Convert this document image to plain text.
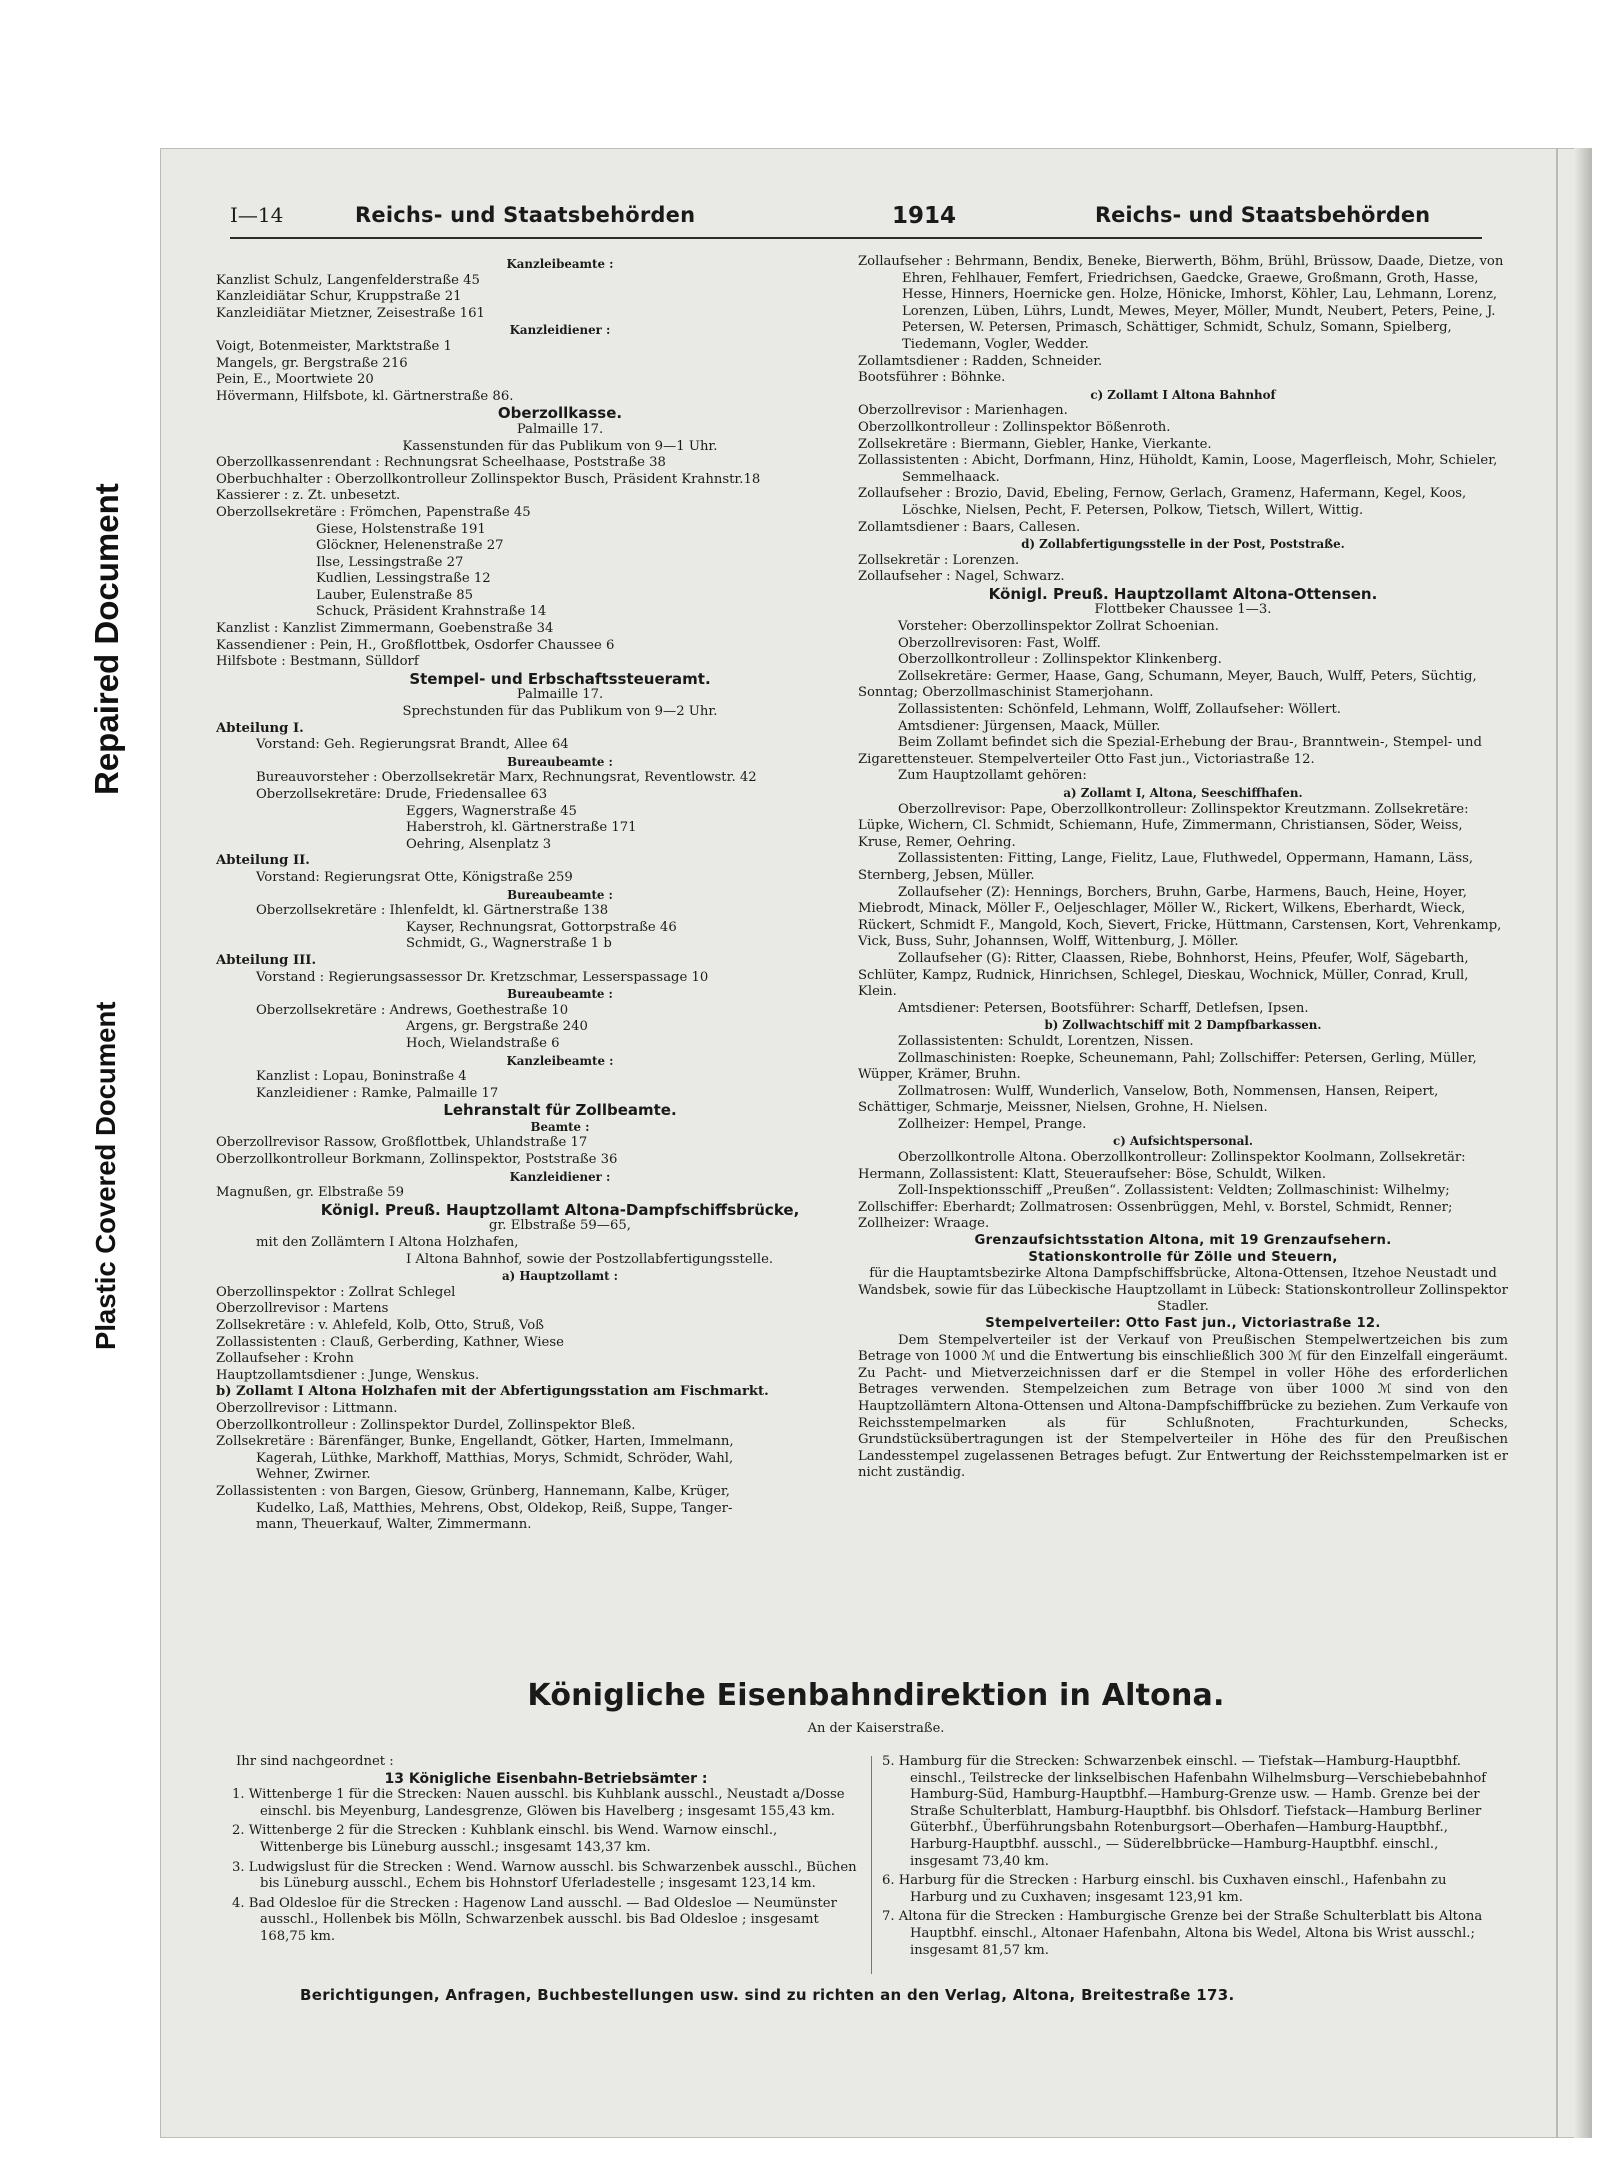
Repaired Document
Plastic Covered Document
I—14	Reichs- und Staatsbehörden	1914	Reichs- und Staatsbehörden
Kanzleibeamte :
Kanzlist Schulz, Langenfelderstraße 45
Kanzleidiätar Schur, Kruppstraße 21
Kanzleidiätar Mietzner, Zeisestraße 161
Kanzleidiener :
Voigt, Botenmeister, Marktstraße 1
Mangels, gr. Bergstraße 216
Pein, E., Moortwiete 20
Hövermann, Hilfsbote, kl. Gärtnerstraße 86.
Oberzollkasse.
Palmaille 17.
Kassenstunden für das Publikum von 9—1 Uhr.
Oberzollkassenrendant : Rechnungsrat Scheelhaase, Poststraße 38
Oberbuchhalter : Oberzollkontrolleur Zollinspektor Busch, Präsident Krahnstr.18
Kassierer : z. Zt. unbesetzt.
Oberzollsekretäre : Frömchen, Papenstraße 45
Giese, Holstenstraße 191
Glöckner, Helenenstraße 27
Ilse, Lessingstraße 27
Kudlien, Lessingstraße 12
Lauber, Eulenstraße 85
Schuck, Präsident Krahnstraße 14
Kanzlist : Kanzlist Zimmermann, Goebenstraße 34
Kassendiener : Pein, H., Großflottbek, Osdorfer Chaussee 6
Hilfsbote : Bestmann, Sülldorf
Stempel- und Erbschaftssteueramt.
Palmaille 17.
Sprechstunden für das Publikum von 9—2 Uhr.
Abteilung I.
Vorstand: Geh. Regierungsrat Brandt, Allee 64
Bureaubeamte :
Bureauvorsteher : Oberzollsekretär Marx, Rechnungsrat, Reventlowstr. 42
Oberzollsekretäre: Drude, Friedensallee 63
Eggers, Wagnerstraße 45
Haberstroh, kl. Gärtnerstraße 171
Oehring, Alsenplatz 3
Abteilung II.
Vorstand: Regierungsrat Otte, Königstraße 259
Bureaubeamte :
Oberzollsekretäre : Ihlenfeldt, kl. Gärtnerstraße 138
Kayser, Rechnungsrat, Gottorpstraße 46
Schmidt, G., Wagnerstraße 1 b
Abteilung III.
Vorstand : Regierungsassessor Dr. Kretzschmar, Lesserspassage 10
Bureaubeamte :
Oberzollsekretäre : Andrews, Goethestraße 10
Argens, gr. Bergstraße 240
Hoch, Wielandstraße 6
Kanzleibeamte :
Kanzlist : Lopau, Boninstraße 4
Kanzleidiener : Ramke, Palmaille 17
Lehranstalt für Zollbeamte.
Beamte :
Oberzollrevisor Rassow, Großflottbek, Uhlandstraße 17
Oberzollkontrolleur Borkmann, Zollinspektor, Poststraße 36
Kanzleidiener :
Magnußen, gr. Elbstraße 59
Königl. Preuß. Hauptzollamt Altona-Dampfschiffsbrücke,
gr. Elbstraße 59—65,
mit den Zollämtern I Altona Holzhafen,
I Altona Bahnhof, sowie der Postzollabfertigungsstelle.
a) Hauptzollamt :
Oberzollinspektor : Zollrat Schlegel
Oberzollrevisor : Martens
Zollsekretäre : v. Ahlefeld, Kolb, Otto, Struß, Voß
Zollassistenten : Clauß, Gerberding, Kathner, Wiese
Zollaufseher : Krohn
Hauptzollamtsdiener : Junge, Wenskus.
b) Zollamt I Altona Holzhafen mit der Abfertigungsstation am Fischmarkt.
Oberzollrevisor : Littmann.
Oberzollkontrolleur : Zollinspektor Durdel, Zollinspektor Bleß.
Zollsekretäre : Bärenfänger, Bunke, Engellandt, Götker, Harten, Immelmann,
Kagerah, Lüthke, Markhoff, Matthias, Morys, Schmidt, Schröder, Wahl,
Wehner, Zwirner.
Zollassistenten : von Bargen, Giesow, Grünberg, Hannemann, Kalbe, Krüger,
Kudelko, Laß, Matthies, Mehrens, Obst, Oldekop, Reiß, Suppe, Tanger-
mann, Theuerkauf, Walter, Zimmermann.
Zollaufseher : Behrmann, Bendix, Beneke, Bierwerth, Böhm, Brühl, Brüssow, Daade, Dietze, von Ehren, Fehlhauer, Femfert, Friedrichsen, Gaedcke, Graewe, Großmann, Groth, Hasse, Hesse, Hinners, Hoernicke gen. Holze, Hönicke, Imhorst, Köhler, Lau, Lehmann, Lorenz, Lorenzen, Lüben, Lührs, Lundt, Mewes, Meyer, Möller, Mundt, Neubert, Peters, Peine, J. Petersen, W. Petersen, Primasch, Schättiger, Schmidt, Schulz, Somann, Spielberg, Tiedemann, Vogler, Wedder.
Zollamtsdiener : Radden, Schneider.
Bootsführer : Böhnke.
c) Zollamt I Altona Bahnhof
Oberzollrevisor : Marienhagen.
Oberzollkontrolleur : Zollinspektor Bößenroth.
Zollsekretäre : Biermann, Giebler, Hanke, Vierkante.
Zollassistenten : Abicht, Dorfmann, Hinz, Hüholdt, Kamin, Loose, Magerfleisch, Mohr, Schieler, Semmelhaack.
Zollaufseher : Brozio, David, Ebeling, Fernow, Gerlach, Gramenz, Hafermann, Kegel, Koos, Löschke, Nielsen, Pecht, F. Petersen, Polkow, Tietsch, Willert, Wittig.
Zollamtsdiener : Baars, Callesen.
d) Zollabfertigungsstelle in der Post, Poststraße.
Zollsekretär : Lorenzen.
Zollaufseher : Nagel, Schwarz.
Königl. Preuß. Hauptzollamt Altona-Ottensen.
Flottbeker Chaussee 1—3.
Vorsteher: Oberzollinspektor Zollrat Schoenian.
Oberzollrevisoren: Fast, Wolff.
Oberzollkontrolleur : Zollinspektor Klinkenberg.
Zollsekretäre: Germer, Haase, Gang, Schumann, Meyer, Bauch, Wulff, Peters, Süchtig, Sonntag; Oberzollmaschinist Stamerjohann.
Zollassistenten: Schönfeld, Lehmann, Wolff, Zollaufseher: Wöllert.
Amtsdiener: Jürgensen, Maack, Müller.
Beim Zollamt befindet sich die Spezial-Erhebung der Brau-, Branntwein-, Stempel- und Zigarettensteuer. Stempelverteiler Otto Fast jun., Victoriastraße 12.
Zum Hauptzollamt gehören:
a) Zollamt I, Altona, Seeschiffhafen.
Oberzollrevisor: Pape, Oberzollkontrolleur: Zollinspektor Kreutzmann. Zollsekretäre: Lüpke, Wichern, Cl. Schmidt, Schiemann, Hufe, Zimmermann, Christiansen, Söder, Weiss, Kruse, Remer, Oehring.
Zollassistenten: Fitting, Lange, Fielitz, Laue, Fluthwedel, Oppermann, Hamann, Läss, Sternberg, Jebsen, Müller.
Zollaufseher (Z): Hennings, Borchers, Bruhn, Garbe, Harmens, Bauch, Heine, Hoyer, Miebrodt, Minack, Möller F., Oeljeschlager, Möller W., Rickert, Wilkens, Eberhardt, Wieck, Rückert, Schmidt F., Mangold, Koch, Sievert, Fricke, Hüttmann, Carstensen, Kort, Vehrenkamp, Vick, Buss, Suhr, Johannsen, Wolff, Wittenburg, J. Möller.
Zollaufseher (G): Ritter, Claassen, Riebe, Bohnhorst, Heins, Pfeufer, Wolf, Sägebarth, Schlüter, Kampz, Rudnick, Hinrichsen, Schlegel, Dieskau, Wochnick, Müller, Conrad, Krull, Klein.
Amtsdiener: Petersen, Bootsführer: Scharff, Detlefsen, Ipsen.
b) Zollwachtschiff mit 2 Dampfbarkassen.
Zollassistenten: Schuldt, Lorentzen, Nissen.
Zollmaschinisten: Roepke, Scheunemann, Pahl; Zollschiffer: Petersen, Gerling, Müller, Wüpper, Krämer, Bruhn.
Zollmatrosen: Wulff, Wunderlich, Vanselow, Both, Nommensen, Hansen, Reipert, Schättiger, Schmarje, Meissner, Nielsen, Grohne, H. Nielsen.
Zollheizer: Hempel, Prange.
c) Aufsichtspersonal.
Oberzollkontrolle Altona. Oberzollkontrolleur: Zollinspektor Koolmann, Zollsekretär: Hermann, Zollassistent: Klatt, Steueraufseher: Böse, Schuldt, Wilken.
Zoll-Inspektionsschiff „Preußen“. Zollassistent: Veldten; Zollmaschinist: Wilhelmy; Zollschiffer: Eberhardt; Zollmatrosen: Ossenbrüggen, Mehl, v. Borstel, Schmidt, Renner; Zollheizer: Wraage.
Grenzaufsichtsstation Altona, mit 19 Grenzaufsehern.
Stationskontrolle für Zölle und Steuern,
für die Hauptamtsbezirke Altona Dampfschiffsbrücke, Altona-Ottensen, Itzehoe Neustadt und Wandsbek, sowie für das Lübeckische Hauptzollamt in Lübeck: Stationskontrolleur Zollinspektor Stadler.
Stempelverteiler: Otto Fast jun., Victoriastraße 12.
Dem Stempelverteiler ist der Verkauf von Preußischen Stempelwertzeichen bis zum Betrage von 1000 ℳ und die Entwertung bis einschließlich 300 ℳ für den Einzelfall eingeräumt. Zu Pacht- und Mietverzeichnissen darf er die Stempel in voller Höhe des erforderlichen Betrages verwenden. Stempelzeichen zum Betrage von über 1000 ℳ sind von den Hauptzollämtern Altona-Ottensen und Altona-Dampfschiffbrücke zu beziehen. Zum Verkaufe von Reichsstempelmarken als für Schlußnoten, Frachturkunden, Schecks, Grundstücksübertragungen ist der Stempelverteiler in Höhe des für den Preußischen Landesstempel zugelassenen Betrages befugt. Zur Entwertung der Reichsstempelmarken ist er nicht zuständig.
Königliche Eisenbahndirektion in Altona.
An der Kaiserstraße.
Ihr sind nachgeordnet :
13 Königliche Eisenbahn-Betriebsämter :
1. Wittenberge 1 für die Strecken: Nauen ausschl. bis Kuhblank ausschl., Neustadt a/Dosse einschl. bis Meyenburg, Landesgrenze, Glöwen bis Havelberg ; insgesamt 155,43 km.
2. Wittenberge 2 für die Strecken : Kuhblank einschl. bis Wend. Warnow einschl., Wittenberge bis Lüneburg ausschl.; insgesamt 143,37 km.
3. Ludwigslust für die Strecken : Wend. Warnow ausschl. bis Schwarzenbek ausschl., Büchen bis Lüneburg ausschl., Echem bis Hohnstorf Uferladestelle ; insgesamt 123,14 km.
4. Bad Oldesloe für die Strecken : Hagenow Land ausschl. — Bad Oldesloe — Neumünster ausschl., Hollenbek bis Mölln, Schwarzenbek ausschl. bis Bad Oldesloe ; insgesamt 168,75 km.
5. Hamburg für die Strecken: Schwarzenbek einschl. — Tiefstak—Hamburg-Hauptbhf. einschl., Teilstrecke der linkselbischen Hafenbahn Wilhelmsburg—Verschiebebahnhof Hamburg-Süd, Hamburg-Hauptbhf.—Hamburg-Grenze usw. — Hamb. Grenze bei der Straße Schulterblatt, Hamburg-Hauptbhf. bis Ohlsdorf. Tiefstack—Hamburg Berliner Güterbhf., Überführungsbahn Rotenburgsort—Oberhafen—Hamburg-Hauptbhf., Harburg-Hauptbhf. ausschl., — Süderelbbrücke—Hamburg-Hauptbhf. einschl., insgesamt 73,40 km.
6. Harburg für die Strecken : Harburg einschl. bis Cuxhaven einschl., Hafenbahn zu Harburg und zu Cuxhaven; insgesamt 123,91 km.
7. Altona für die Strecken : Hamburgische Grenze bei der Straße Schulterblatt bis Altona Hauptbhf. einschl., Altonaer Hafenbahn, Altona bis Wedel, Altona bis Wrist ausschl.; insgesamt 81,57 km.
Berichtigungen, Anfragen, Buchbestellungen usw. sind zu richten an den Verlag, Altona, Breitestraße 173.
